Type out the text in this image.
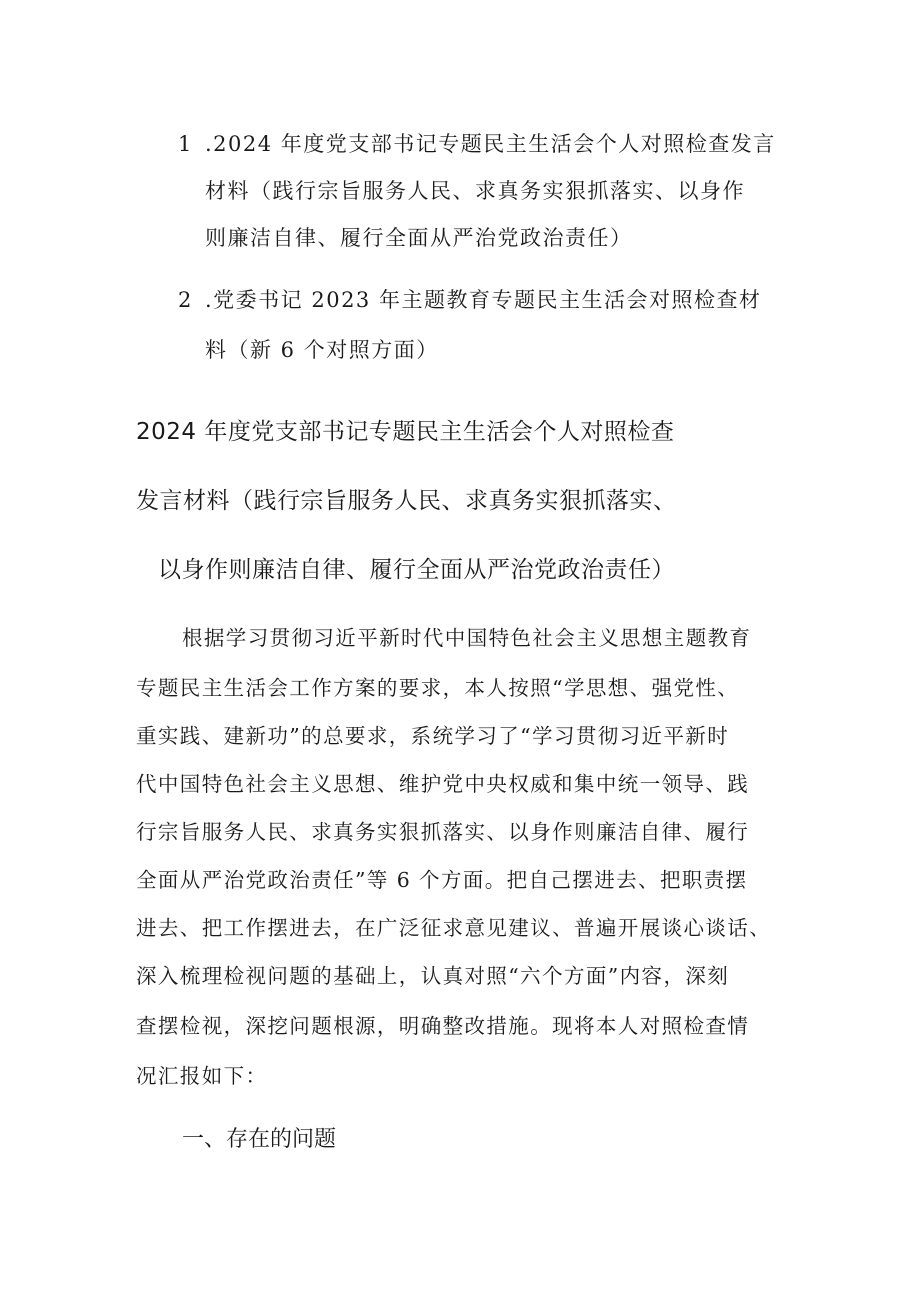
1 .2024 年度党支部书记专题民主生活会个人对照检查发言
材料（践行宗旨服务人民、求真务实狠抓落实、以身作
则廉洁自律、履行全面从严治党政治责任）
2 .党委书记 2023 年主题教育专题民主生活会对照检查材
料（新 6 个对照方面）
2024 年度党支部书记专题民主生活会个人对照检查
发言材料（践行宗旨服务人民、求真务实狠抓落实、
以身作则廉洁自律、履行全面从严治党政治责任）
根据学习贯彻习近平新时代中国特色社会主义思想主题教育
专题民主生活会工作方案的要求，本人按照“学思想、强党性、
重实践、建新功”的总要求，系统学习了“学习贯彻习近平新时
代中国特色社会主义思想、维护党中央权威和集中统一领导、践
行宗旨服务人民、求真务实狠抓落实、以身作则廉洁自律、履行
全面从严治党政治责任”等 6 个方面。把自己摆进去、把职责摆
进去、把工作摆进去，在广泛征求意见建议、普遍开展谈心谈话、
深入梳理检视问题的基础上，认真对照“六个方面”内容，深刻
查摆检视，深挖问题根源，明确整改措施。现将本人对照检查情
况汇报如下：
一、存在的问题
